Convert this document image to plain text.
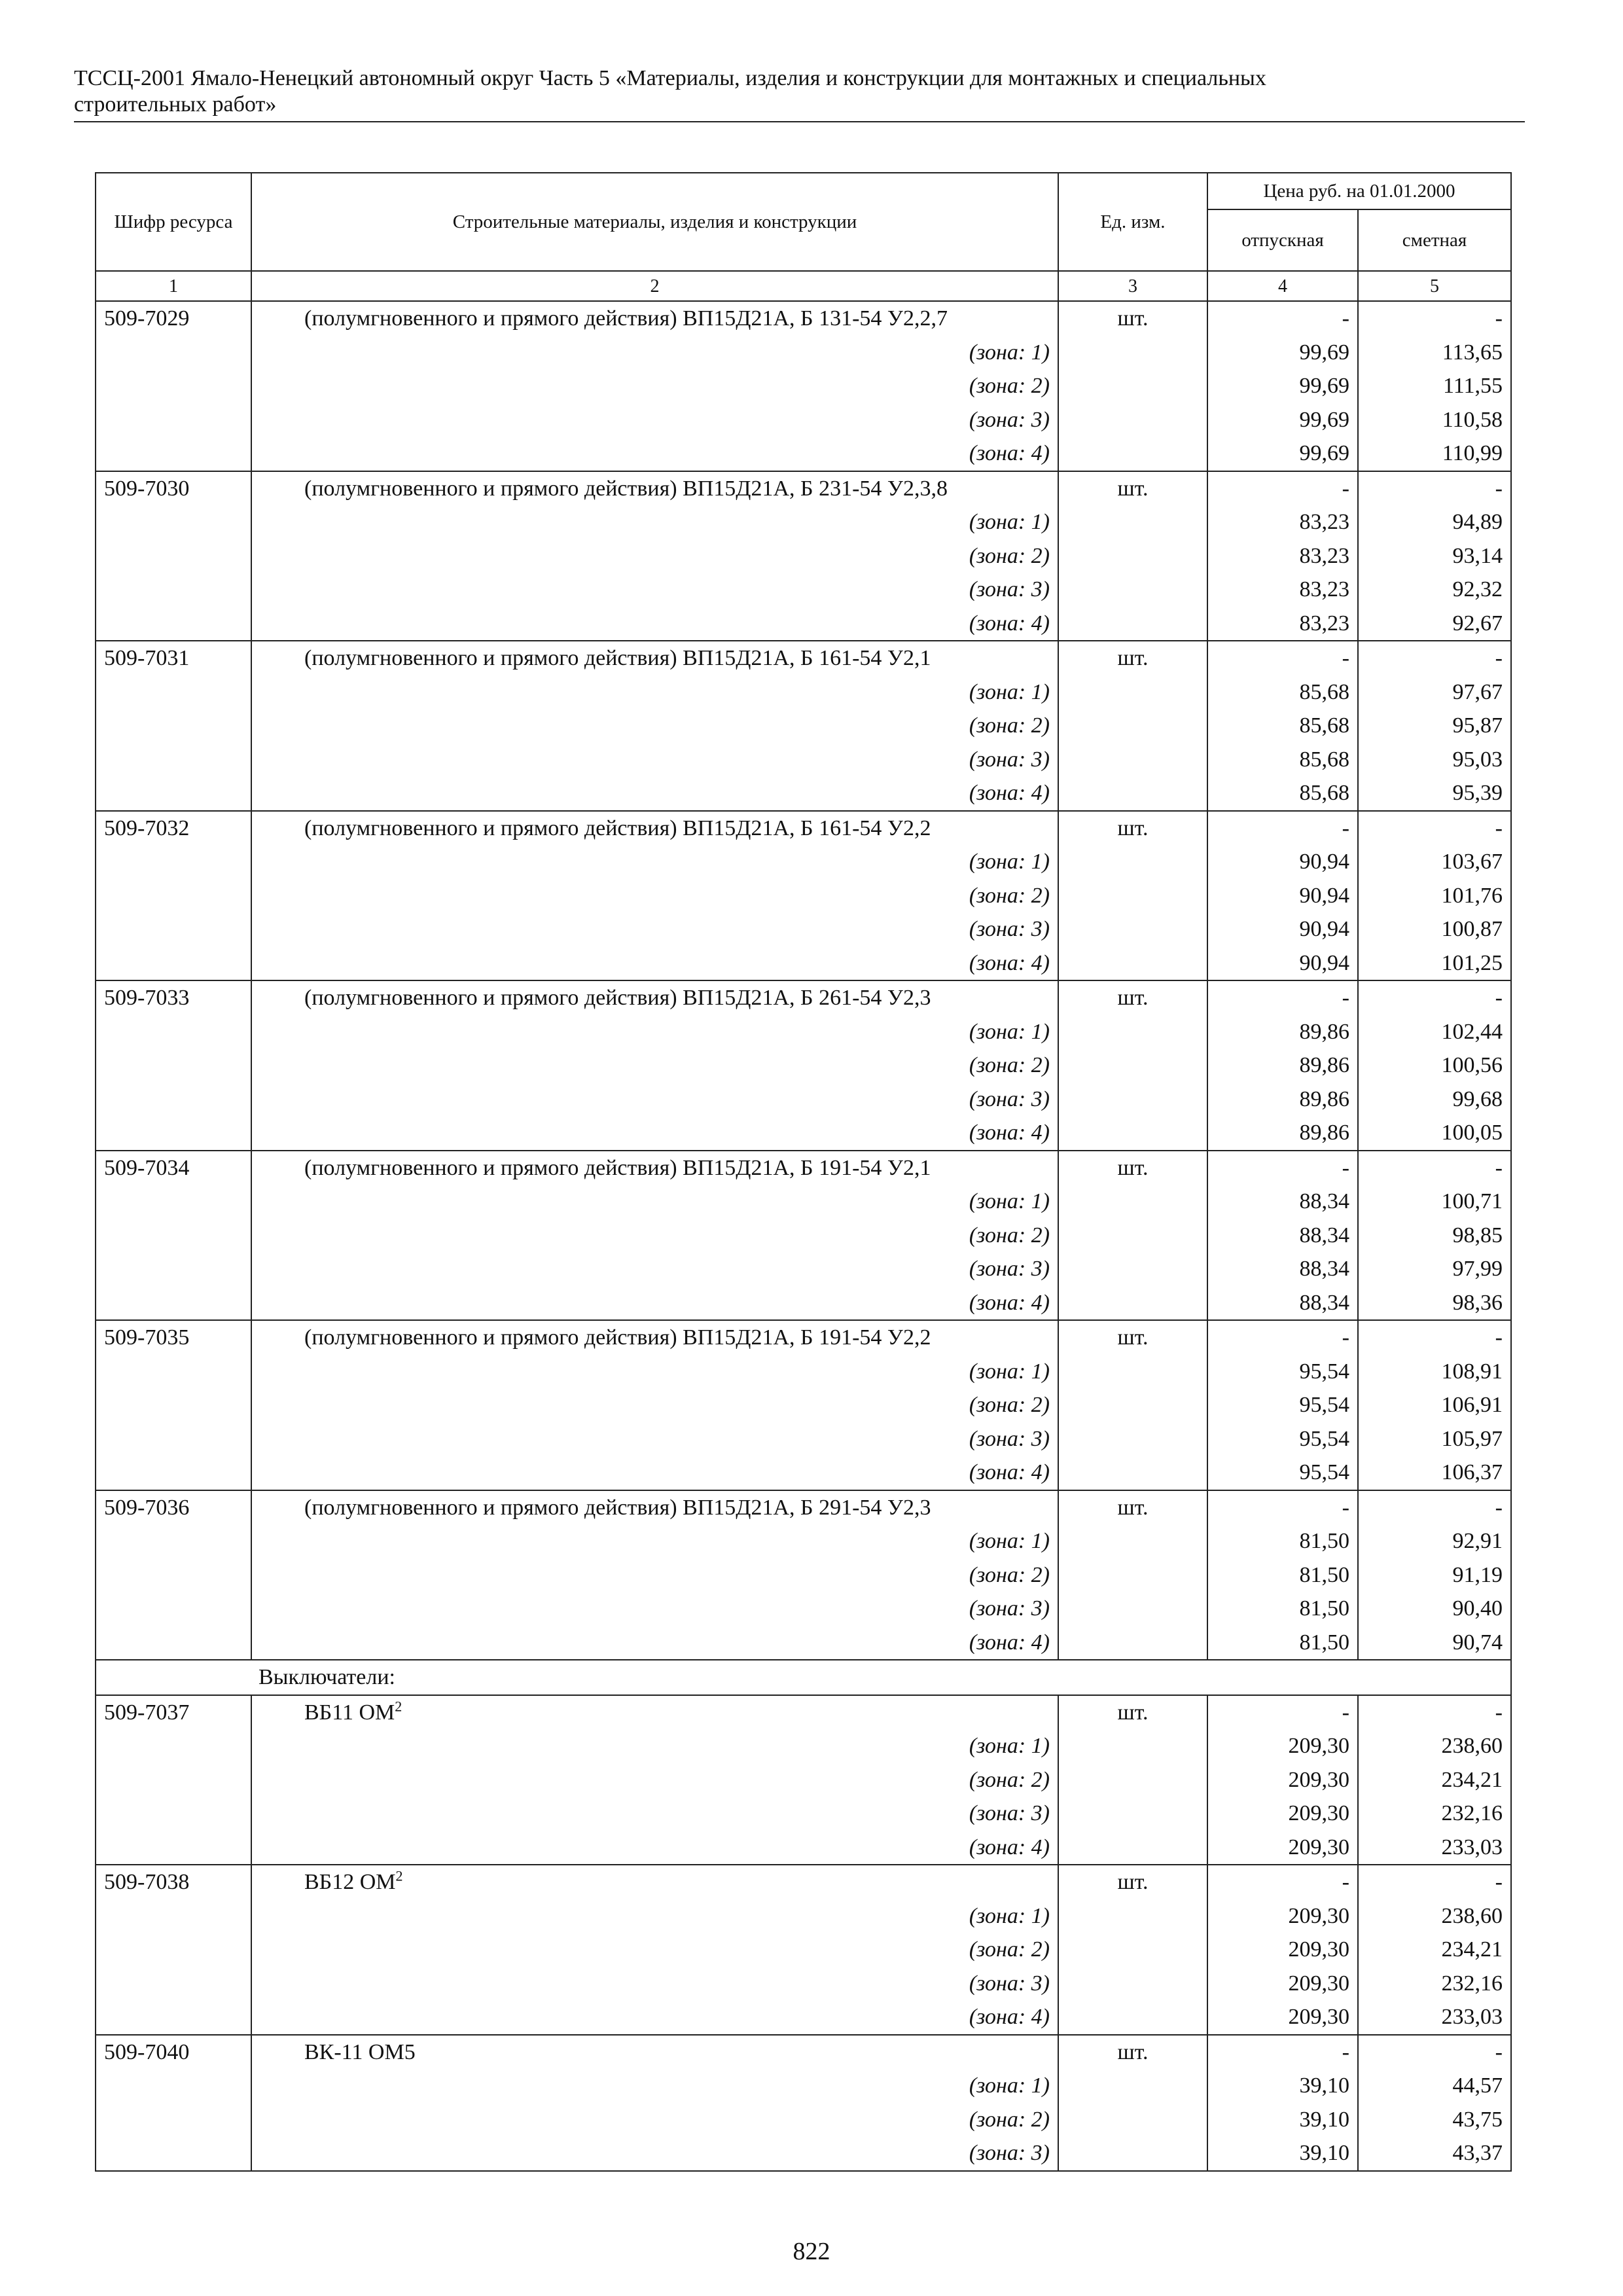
ТССЦ-2001 Ямало-Ненецкий автономный округ Часть 5 «Материалы, изделия и конструкции для монтажных и специальных
строительных работ»
Шифр ресурса	Строительные материалы, изделия и конструкции	Ед. изм.	Цена руб. на 01.01.2000	
			отпускная	сметная
1	2	3	4	5
509-7029	(полумгновенного и прямого действия) ВП15Д21А, Б 131-54 У2,2,7	шт.	-	-
	(зона: 1)		99,69	113,65
	(зона: 2)		99,69	111,55
	(зона: 3)		99,69	110,58
	(зона: 4)		99,69	110,99
509-7030	(полумгновенного и прямого действия) ВП15Д21А, Б 231-54 У2,3,8	шт.	-	-
	(зона: 1)		83,23	94,89
	(зона: 2)		83,23	93,14
	(зона: 3)		83,23	92,32
	(зона: 4)		83,23	92,67
509-7031	(полумгновенного и прямого действия) ВП15Д21А, Б 161-54 У2,1	шт.	-	-
	(зона: 1)		85,68	97,67
	(зона: 2)		85,68	95,87
	(зона: 3)		85,68	95,03
	(зона: 4)		85,68	95,39
509-7032	(полумгновенного и прямого действия) ВП15Д21А, Б 161-54 У2,2	шт.	-	-
	(зона: 1)		90,94	103,67
	(зона: 2)		90,94	101,76
	(зона: 3)		90,94	100,87
	(зона: 4)		90,94	101,25
509-7033	(полумгновенного и прямого действия) ВП15Д21А, Б 261-54 У2,3	шт.	-	-
	(зона: 1)		89,86	102,44
	(зона: 2)		89,86	100,56
	(зона: 3)		89,86	99,68
	(зона: 4)		89,86	100,05
509-7034	(полумгновенного и прямого действия) ВП15Д21А, Б 191-54 У2,1	шт.	-	-
	(зона: 1)		88,34	100,71
	(зона: 2)		88,34	98,85
	(зона: 3)		88,34	97,99
	(зона: 4)		88,34	98,36
509-7035	(полумгновенного и прямого действия) ВП15Д21А, Б 191-54 У2,2	шт.	-	-
	(зона: 1)		95,54	108,91
	(зона: 2)		95,54	106,91
	(зона: 3)		95,54	105,97
	(зона: 4)		95,54	106,37
509-7036	(полумгновенного и прямого действия) ВП15Д21А, Б 291-54 У2,3	шт.	-	-
	(зона: 1)		81,50	92,91
	(зона: 2)		81,50	91,19
	(зона: 3)		81,50	90,40
	(зона: 4)		81,50	90,74
Выключатели:				
509-7037	ВБ11 $ОМ^2$	шт.	-	-
	(зона: 1)		209,30	238,60
	(зона: 2)		209,30	234,21
	(зона: 3)		209,30	232,16
	(зона: 4)		209,30	233,03
509-7038	ВБ12 $ОМ^2$	шт.	-	-
	(зона: 1)		209,30	238,60
	(зона: 2)		209,30	234,21
	(зона: 3)		209,30	232,16
	(зона: 4)		209,30	233,03
509-7040	ВК-11 ОМ5	шт.	-	-
	(зона: 1)		39,10	44,57
	(зона: 2)		39,10	43,75
	(зона: 3)		39,10	43,37
822
